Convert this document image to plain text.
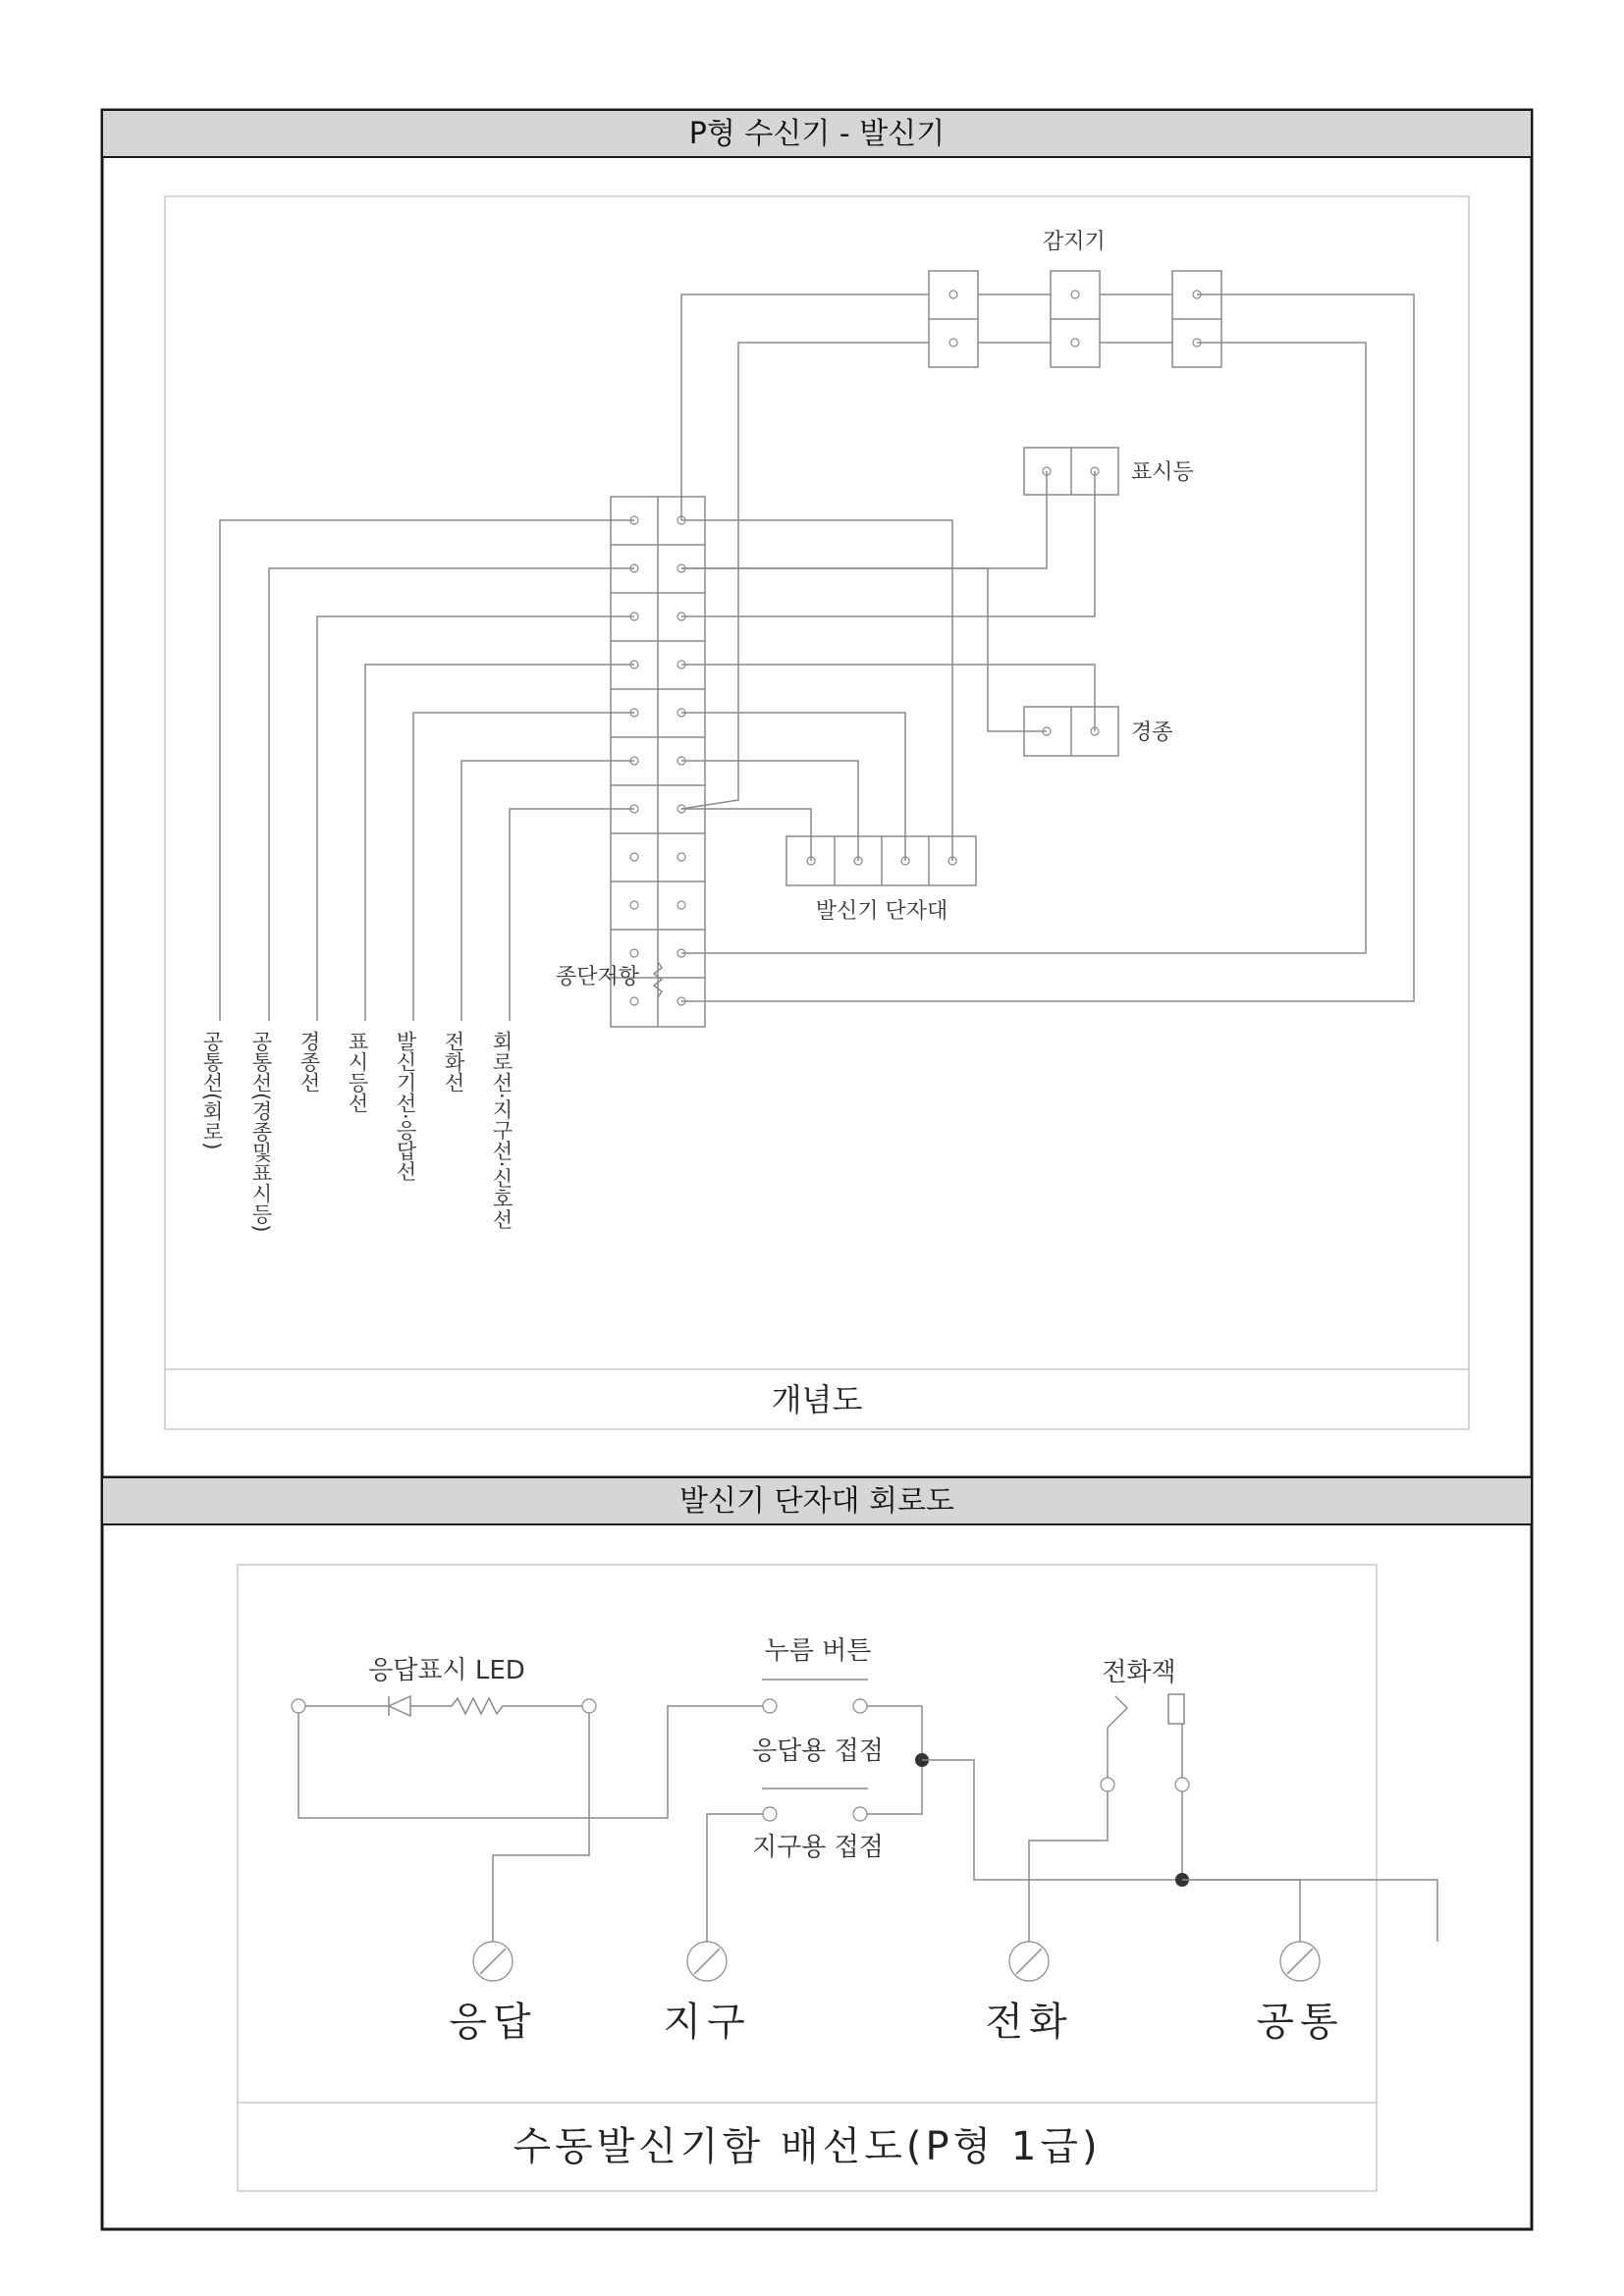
P형 수신기 - 발신기
개념도
감지기
표시등
경종
발신기 단자대
종단저항
공통선(회로) 공통선(경종및표시등) 경종선 표시등선 발신기선·응답선 전화선 회로선·지구선·신호선
발신기 단자대 회로도
수동발신기함 배선도(P형 1급)
응답표시 LED
누름 버튼
응답용 접점
지구용 접점
전화잭
응답	지구	전화	공통
